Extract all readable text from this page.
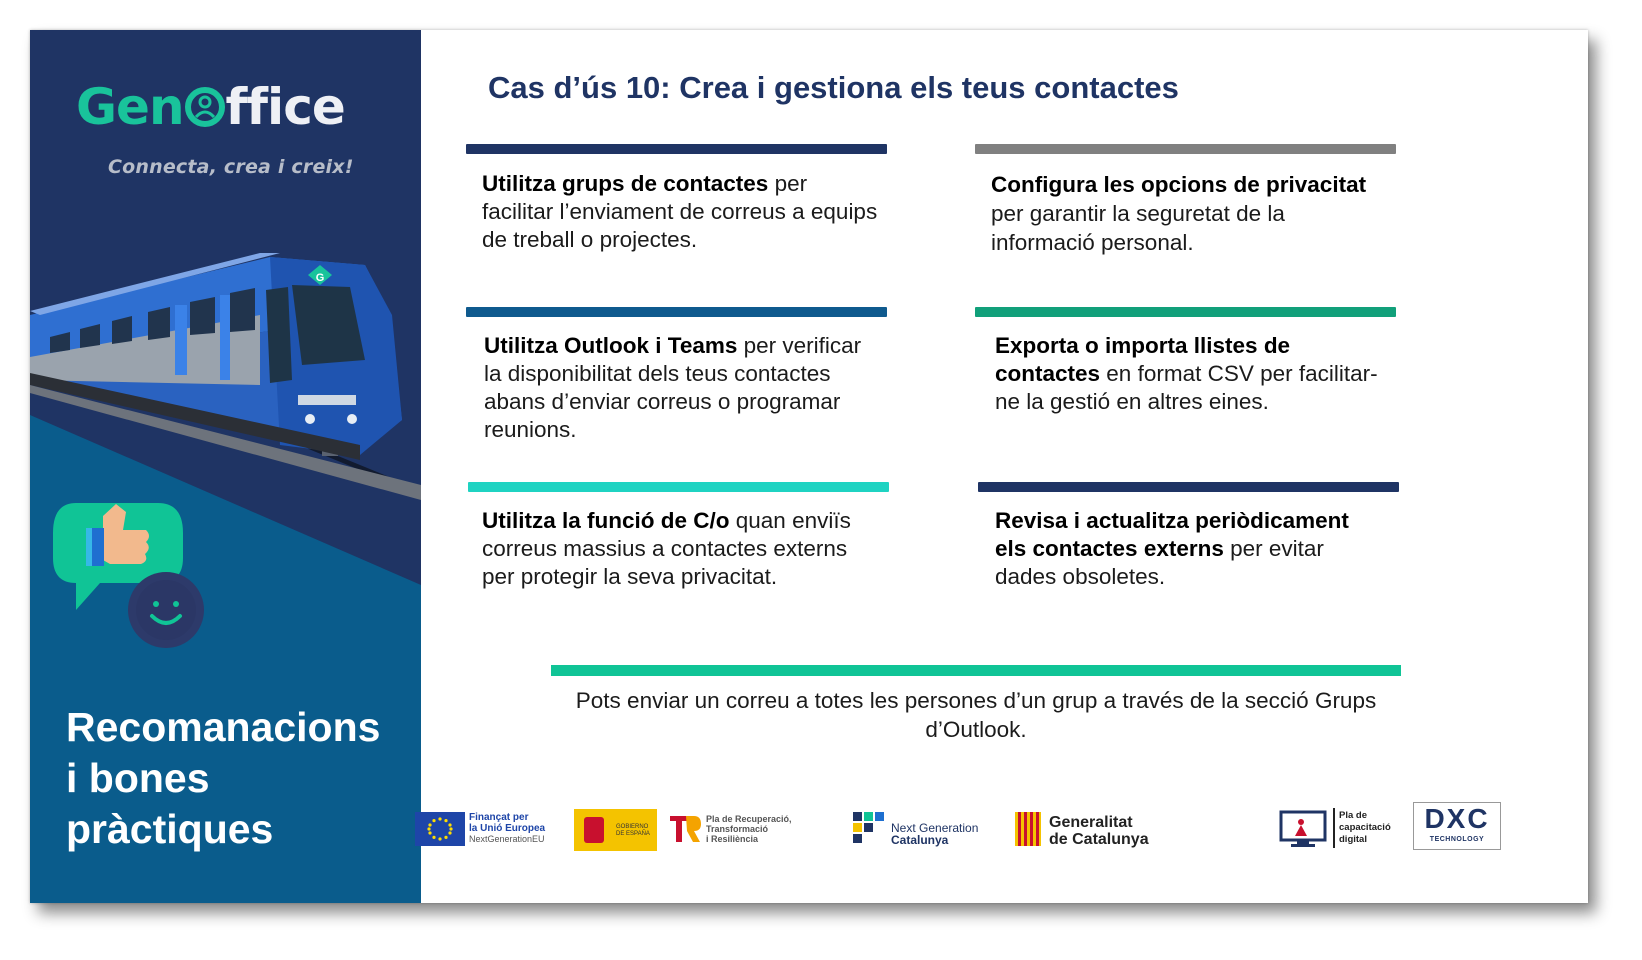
Gen ffice
Connecta, crea i creix!
G
Recomanacions
i bones
pràctiques
Cas d’ús 10: Crea i gestiona els teus contactes
Utilitza grups de contactes per facilitar l’enviament de correus a equips de treball o projectes.
Configura les opcions de privacitat per garantir la seguretat de la informació personal.
Utilitza Outlook i Teams per verificar la disponibilitat dels teus contactes abans d’enviar correus o programar reunions.
Exporta o importa llistes de contactes en format CSV per facilitar-ne la gestió en altres eines.
Utilitza la funció de C/o quan enviïs correus massius a contactes externs per protegir la seva privacitat.
Revisa i actualitza periòdicament els contactes externs per evitar dades obsoletes.
Pots enviar un correu a totes les persones d’un grup a través de la secció Grups d’Outlook.
Finançat per
la Unió Europea
NextGenerationEU
GOBIERNO
DE ESPAÑA
Pla de Recuperació,
Transformació
i Resiliència
Next Generation
Catalunya
Generalitat
de Catalunya
Pla de
capacitació
digital
DXC
TECHNOLOGY
